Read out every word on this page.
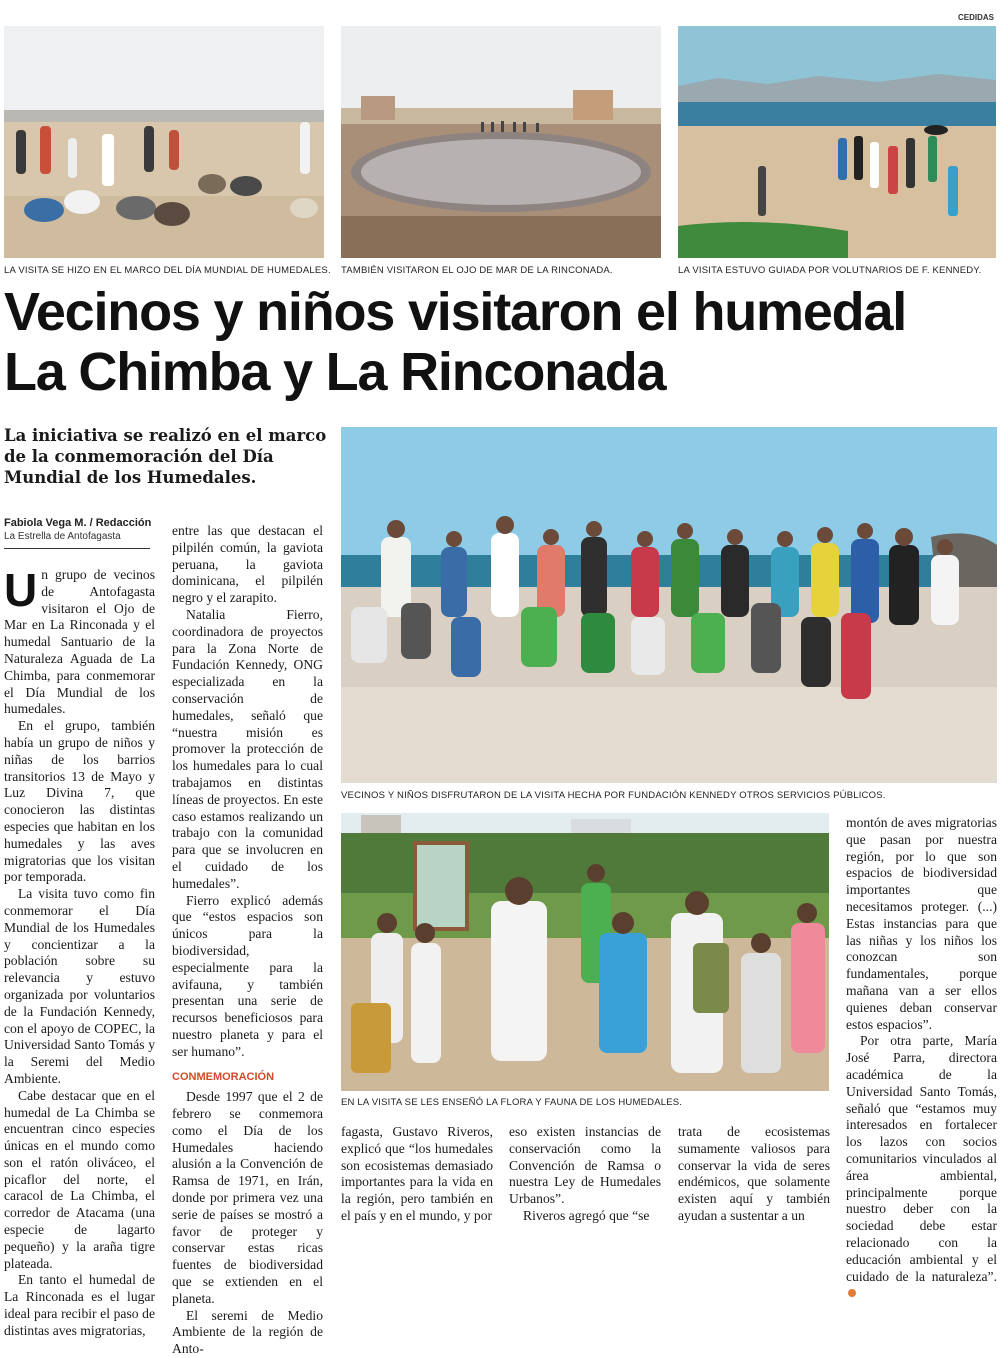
CEDIDAS
LA VISITA SE HIZO EN EL MARCO DEL DÍA MUNDIAL DE HUMEDALES. TAMBIÉN VISITARON EL OJO DE MAR DE LA RINCONADA.	LA VISITA ESTUVO GUIADA POR VOLUTNARIOS DE F. KENNEDY.
Vecinos y niños visitaron el humedal
La Chimba y La Rinconada
La iniciativa se realizó en el marco de la conmemoración del Día Mundial de los Humedales.
Fabiola Vega M. / Redacción
La Estrella de Antofagasta
VECINOS Y NIÑOS DISFRUTARON DE LA VISITA HECHA POR FUNDACIÓN KENNEDY OTROS SERVICIOS PÚBLICOS.
EN LA VISITA SE LES ENSEÑÓ LA FLORA Y FAUNA DE LOS HUMEDALES.

Un grupo de vecinos de Antofagasta visitaron el Ojo de Mar en La Rinconada y el humedal Santuario de la Naturaleza Aguada de La Chimba, para conmemorar el Día Mundial de los humedales.

En el grupo, también había un grupo de niños y niñas de los barrios transitorios 13 de Mayo y Luz Divina 7, que conocieron las distintas especies que habitan en los humedales y las aves migratorias que los visitan por temporada.

La visita tuvo como fin conmemorar el Día Mundial de los Humedales y concientizar a la población sobre su relevancia y estuvo organizada por voluntarios de la Fundación Kennedy, con el apoyo de COPEC, la Universidad Santo Tomás y la Seremi del Medio Ambiente.

Cabe destacar que en el humedal de La Chimba se encuentran cinco especies únicas en el mundo como son el ratón oliváceo, el picaflor del norte, el caracol de La Chimba, el corredor de Atacama (una especie de lagarto pequeño) y la araña tigre plateada.

En tanto el humedal de La Rinconada es el lugar ideal para recibir el paso de distintas aves migratorias,

entre las que destacan el pilpilén común, la gaviota peruana, la gaviota dominicana, el pilpilén negro y el zarapito.

Natalia Fierro, coordinadora de proyectos para la Zona Norte de Fundación Kennedy, ONG especializada en la conservación de humedales, señaló que “nuestra misión es promover la protección de los humedales para lo cual trabajamos en distintas líneas de proyectos. En este caso estamos realizando un trabajo con la comunidad para que se involucren en el cuidado de los humedales”.

Fierro explicó además que “estos espacios son únicos para la biodiversidad, especialmente para la avifauna, y también presentan una serie de recursos beneficiosos para nuestro planeta y para el ser humano”.

CONMEMORACIÓN

Desde 1997 que el 2 de febrero se conmemora como el Día de los Humedales haciendo alusión a la Convención de Ramsa de 1971, en Irán, donde por primera vez una serie de países se mostró a favor de proteger y conservar estas ricas fuentes de biodiversidad que se extienden en el planeta.

El seremi de Medio Ambiente de la región de Anto-

fagasta, Gustavo Riveros, explicó que “los humedales son ecosistemas demasiado importantes para la vida en la región, pero también en el país y en el mundo, y por

eso existen instancias de conservación como la Convención de Ramsa o nuestra Ley de Humedales Urbanos”.

Riveros agregó que “se

trata de ecosistemas sumamente valiosos para conservar la vida de seres endémicos, que solamente existen aquí y también ayudan a sustentar a un

montón de aves migratorias que pasan por nuestra región, por lo que son espacios de biodiversidad importantes que necesitamos proteger. (...) Estas instancias para que las niñas y los niños los conozcan son fundamentales, porque mañana van a ser ellos quienes deban conservar estos espacios”.

Por otra parte, María José Parra, directora académica de la Universidad Santo Tomás, señaló que “estamos muy interesados en fortalecer los lazos con socios comunitarios vinculados al área ambiental, principalmente porque nuestro deber con la sociedad debe estar relacionado con la educación ambiental y el cuidado de la naturaleza”.
